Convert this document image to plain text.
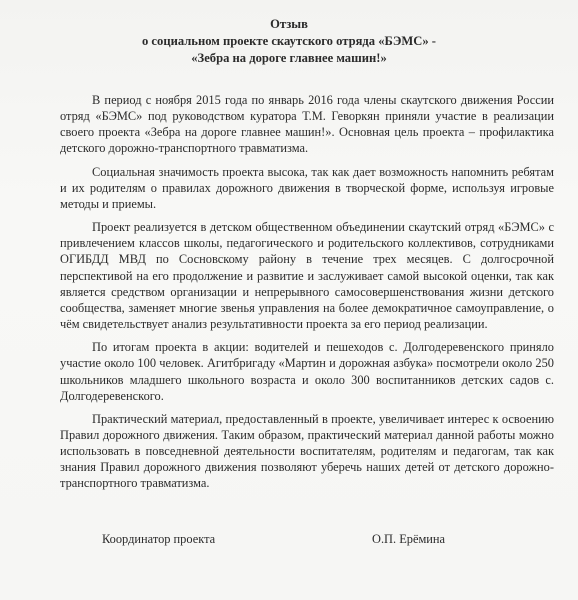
Отзыв
о социальном проекте скаутского отряда «БЭМС» -
«Зебра на дороге главнее машин!»

В период с ноября 2015 года по январь 2016 года члены скаутского движения России отряд «БЭМС» под руководством куратора Т.М. Геворкян приняли участие в реализации своего проекта «Зебра на дороге главнее машин!». Основная цель проекта – профилактика детского дорожно-транспортного травматизма.

Социальная значимость проекта высока, так как дает возможность напомнить ребятам и их родителям о правилах дорожного движения в творческой форме, используя игровые методы и приемы.

Проект реализуется в детском общественном объединении скаутский отряд «БЭМС» с привлечением классов школы, педагогического и родительского коллективов, сотрудниками ОГИБДД МВД по Сосновскому району в течение трех месяцев. С долгосрочной перспективой на его продолжение и развитие и заслуживает самой высокой оценки, так как является средством организации и непрерывного самосовершенствования жизни детского сообщества, заменяет многие звенья управления на более демократичное самоуправление, о чём свидетельствует анализ результативности проекта за его период реализации.

По итогам проекта в акции: водителей и пешеходов с. Долгодеревенского приняло участие около 100 человек. Агитбригаду «Мартин и дорожная азбука» посмотрели около 250 школьников младшего школьного возраста и около 300 воспитанников детских садов с. Долгодеревенского.

Практический материал, предоставленный в проекте, увеличивает интерес к освоению Правил дорожного движения. Таким образом, практический материал данной работы можно использовать в повседневной деятельности воспитателям, родителям и педагогам, так как знания Правил дорожного движения позволяют уберечь наших детей от детского дорожно-транспортного травматизма.

Координатор проекта	О.П. Ерёмина
